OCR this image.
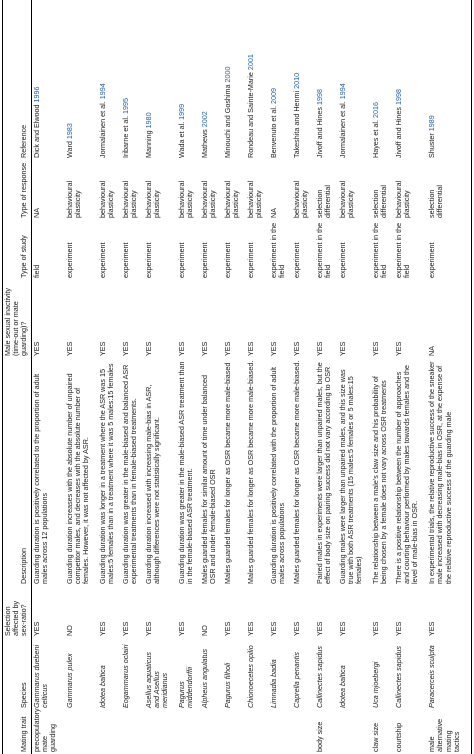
Mating trait	Species	Selection affected by sex-ratio?	Description	Male sexual inactivity (time-out or mate guarding)?	Type of study	Type of response	Reference
precopulatory mate guarding	Gammarus duebeni celticus	YES	Guarding duration is positively correlated to the proportion of adult males across 12 populations	YES	field	NA	Dick and Elwood 1996
	Gammarus pulex	NO	Guarding duration increases with the absolute number of unpaired competitor males, and decreases with the absolute number of females. However, it was not affected by ASR.	YES	experiment	behavioural plasticity	Ward 1983
	Idotea baltica	YES	Guarding duration was longer in a treatment where the ASR was 15 males:5 females than in a treatment where it was 5 males:15 females	YES	experiment	behavioural plasticity	Jormalainen et al. 1994
	Eogammarus oclairi	YES	Guarding duration was greater in the male-biased and balanced ASR experimental treatments than in female-biased treatments.	YES	experiment	behavioural plasticity	Iribarne et al. 1995
	Asellus aquaticus and Asellus meridianus	YES	Guarding duration increased with increasing male-bias in ASR, although differences were not statistically significant.	YES	experiment	behavioural plasticity	Manning 1980
	Pagurus middendorffii	YES	Guarding duration was greater in the male-biased ASR treatment than in the female-biased ASR treatment.	YES	experiment	behavioural plasticity	Wada et al. 1999
	Alpheus angulatus	NO	Males guarded females for similar amount of time under balanced OSR and under female-biased OSR	YES	experiment	behavioural plasticity	Mathews 2002
	Pagurus filholi	YES	Males guarded females for longer as OSR became more male-biased	YES	experiment	behavioural plasticity	Minouchi and Goshima 2000
	Chionoecetes opilio	YES	Males guarded females for longer as OSR became more male-biased.	YES	experiment	behavioural plasticity	Rondeau and Sainte-Marie 2001
	Limnadia badia	YES	Guarding duration is positively correlated with the proportion of adult males across populations	YES	experiment in the field	NA	Benvenuto et al. 2009
	Caprella penantis	YES	Males guarded females for longer as OSR became more male-biased.	YES	experiment	behavioural plasticity	Takeshita and Henmi 2010
body size	Callinectes sapidus	YES	Paired males in experiments were larger than unpaired males, but the effect of body size on pairing success did not vary according to OSR	YES	experiment in the field	selection differential	Jivoff and Hines 1998
	Idotea baltica	YES	Guarding males were larger than unpaired males, and this size was true with both ASR treatments (15 males:5 females or 5 males:15 females)	YES	experiment	behavioural plasticity	Jormalainen et al. 1994
claw size	Uca mjoebergi	YES	The relationship between a male's claw size and his probability of being chosen by a female does not vary across OSR treatments	YES	experiment in the field	selection differential	Hayes et al. 2016
courtship	Callinectes sapidus	YES	There is a positive relationship between the number of approaches and courting behaviour performed by males towards females and the level of male-bias in OSR.	YES	experiment in the field	behavioural plasticity	Jivoff and Hines 1998
male alternative mating tactics	Paracerceis sculpta	YES	In experimental trials, the relative reproductive success of the sneaker male increased with decreasing male-bias in OSR, at the expense of the relative reproductive success of the guarding male	NA	experiment	selection differential	Shuster 1989
